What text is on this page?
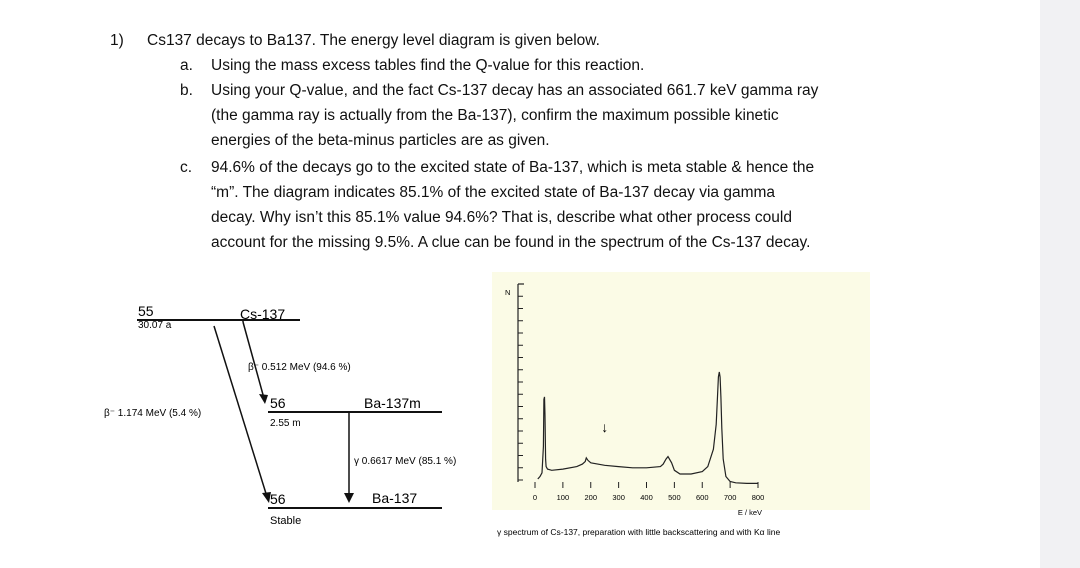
1) Cs137 decays to Ba137. The energy level diagram is given below.
a.	Using the mass excess tables find the Q-value for this reaction.
b.	Using your Q-value, and the fact Cs-137 decay has an associated 661.7 keV gamma ray
(the gamma ray is actually from the Ba-137), confirm the maximum possible kinetic
energies of the beta-minus particles are as given.
c.	94.6% of the decays go to the excited state of Ba-137, which is meta stable & hence the
“m”. The diagram indicates 85.1% of the excited state of Ba-137 decay via gamma
decay. Why isn’t this 85.1% value 94.6%? That is, describe what other process could
account for the missing 9.5%. A clue can be found in the spectrum of the Cs-137 decay.
55
30.07 a
Cs-137
β⁻ 0.512 MeV (94.6 %)
β⁻ 1.174 MeV (5.4 %)
56
2.55 m
Ba-137m
γ 0.6617 MeV (85.1 %)
56
Stable
Ba-137
N
0	100 200 300 400 500 600 700 800
↓
E / keV
γ spectrum of Cs-137, preparation with little backscattering and with Kα line
